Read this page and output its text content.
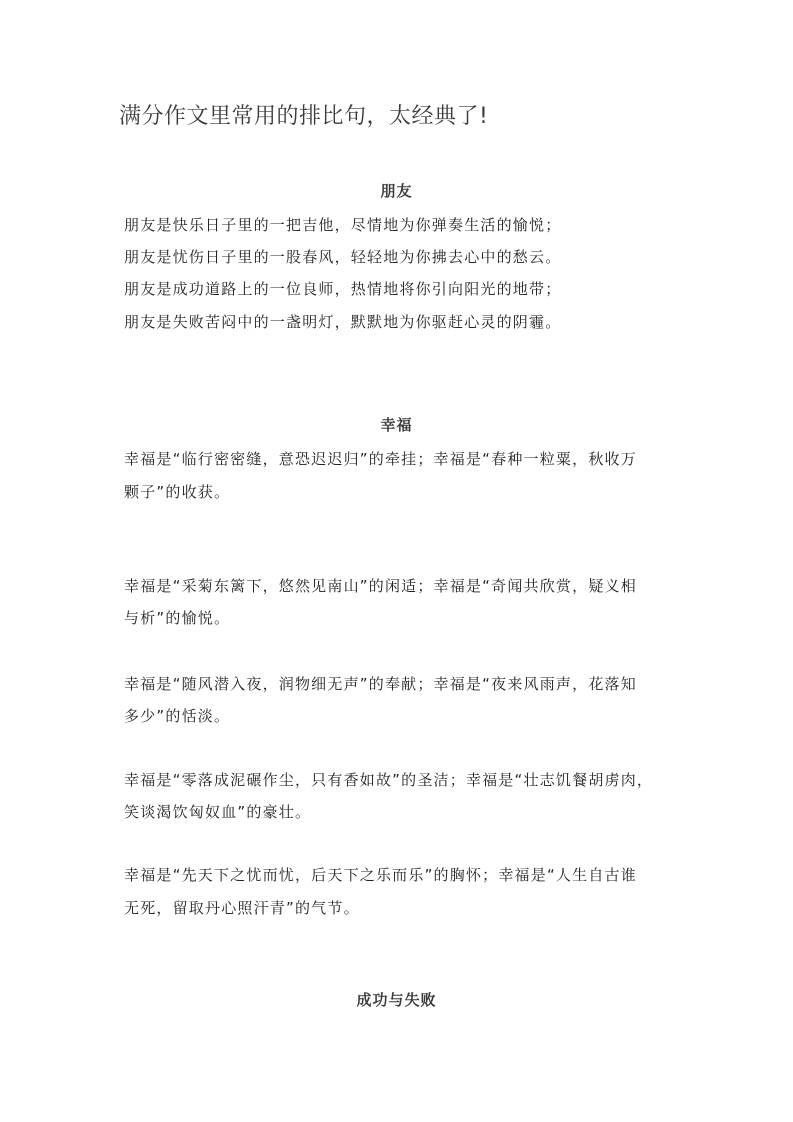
满分作文里常用的排比句，太经典了!
朋友
朋友是快乐日子里的一把吉他，尽情地为你弹奏生活的愉悦；
朋友是忧伤日子里的一股春风，轻轻地为你拂去心中的愁云。
朋友是成功道路上的一位良师，热情地将你引向阳光的地带；
朋友是失败苦闷中的一盏明灯，默默地为你驱赶心灵的阴霾。
幸福
幸福是“临行密密缝，意恐迟迟归”的牵挂；幸福是“春种一粒粟，秋收万
颗子”的收获。
幸福是“采菊东篱下，悠然见南山”的闲适；幸福是“奇闻共欣赏，疑义相
与析”的愉悦。
幸福是“随风潜入夜，润物细无声”的奉献；幸福是“夜来风雨声，花落知
多少”的恬淡。
幸福是“零落成泥碾作尘，只有香如故”的圣洁；幸福是“壮志饥餐胡虏肉，
笑谈渴饮匈奴血”的豪壮。
幸福是“先天下之忧而忧，后天下之乐而乐”的胸怀；幸福是“人生自古谁
无死，留取丹心照汗青”的气节。
成功与失败
